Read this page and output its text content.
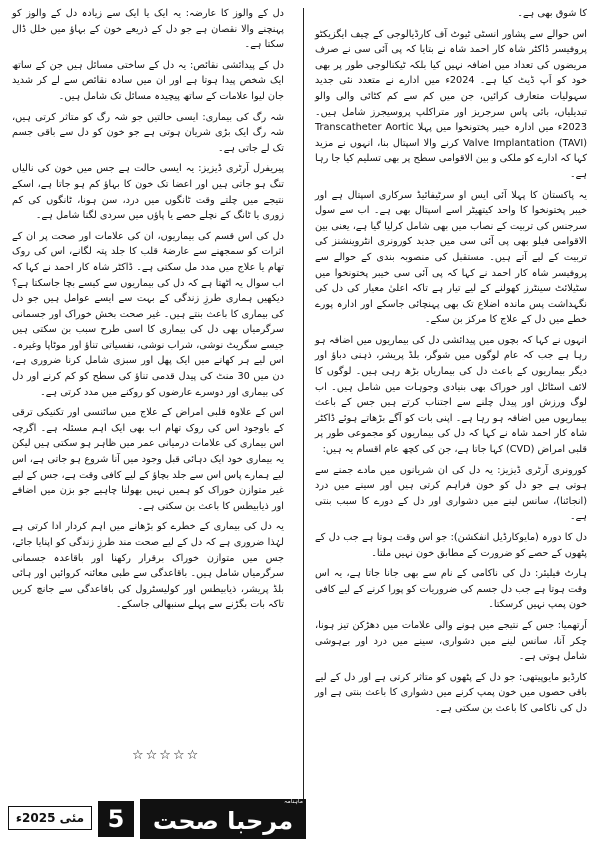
کا شوق بھی ہے۔

اس حوالے سے پشاور انسٹی ٹیوٹ آف کارڈیالوجی کے چیف ایگزیکٹو پروفیسر ڈاکٹر شاہ کار احمد شاہ نے بتایا کہ پی آئی سی نے صرف مریضوں کی تعداد میں اضافہ نہیں کیا بلکہ ٹیکنالوجی طور پر بھی خود کو اَپ ڈیٹ کیا ہے۔ 2024ء میں ادارے نے متعدد نئی جدید سہولیات متعارف کرائیں، جن میں کم سے کم کٹائی والی والو تبدیلیاں، بائی پاس سرجریز اور متراکلپ پروسیجرز شامل ہیں۔ 2023ء میں ادارہ خیبر پختونخوا میں پہلا Transcatheter Aortic Valve Implantation (TAVI) کرنے والا اسپتال بنا، انہوں نے مزید کہا کہ ادارے کو ملکی و بین الاقوامی سطح پر بھی تسلیم کیا جا رہا ہے۔

یہ پاکستان کا پہلا آئی ایس او سرٹیفائیڈ سرکاری اسپتال ہے اور خیبر پختونخوا کا واحد کیتھیٹر اسے اسپتال بھی ہے۔ اب سے سول سرجنس کی تربیت کے نصاب میں بھی شامل کرلیا گیا ہے، یعنی بین الاقوامی فیلو بھی پی آئی سی میں جدید کورونری انٹروینشنز کی تربیت کے لیے آتے ہیں۔ مستقبل کی منصوبہ بندی کے حوالے سے پروفیسر شاہ کار احمد نے کہا کہ پی آئی سی خیبر پختونخوا میں سٹیلائٹ سینٹرز کھولنے کے لیے تیار ہے تاکہ اعلیٰ معیار کی دل کی نگہداشت پس ماندہ اضلاع تک بھی پہنچائی جاسکے اور ادارہ پورے خطے میں دل کے علاج کا مرکز بن سکے۔

انہوں نے کہا کہ بچوں میں پیدائشی دل کی بیماریوں میں اضافہ ہو رہا ہے جب کہ عام لوگوں میں شوگر، بلڈ پریشر، ذہنی دباؤ اور دیگر بیماریوں کے باعث دل کی بیماریاں بڑھ رہی ہیں۔ لوگوں کا لائف اسٹائل اور خوراک بھی بنیادی وجوہات میں شامل ہیں۔ اب لوگ ورزش اور پیدل چلنے سے اجتناب کرتے ہیں جس کے باعث بیماریوں میں اضافہ ہو رہا ہے۔ اپنی بات کو آگے بڑھاتے ہوئے ڈاکٹر شاہ کار احمد شاہ نے کہا کہ دل کی بیماریوں کو مجموعی طور پر قلبی امراض (CVD) کہا جاتا ہے، جن کی کچھ عام اقسام یہ ہیں:

کورونری آرٹری ڈیزیز: یہ دل کی ان شریانوں میں مادے جمنے سے ہوتی ہے جو دل کو خون فراہم کرتی ہیں اور سینے میں درد (انجائنا)، سانس لینے میں دشواری اور دل کے دورے کا سبب بنتی ہے۔

دل کا دورہ (مایوکارڈیل انفکشن): جو اس وقت ہوتا ہے جب دل کے پٹھوں کے حصے کو ضرورت کے مطابق خون نہیں ملتا۔

ہارٹ فیلیئر: دل کی ناکامی کے نام سے بھی جانا جاتا ہے، یہ اس وقت ہوتا ہے جب دل جسم کی ضروریات کو پورا کرنے کے لیے کافی خون پمپ نہیں کرسکتا۔

اَرتھمیا: جس کے نتیجے میں ہونے والی علامات میں دھڑکن تیز ہونا، چکر آنا، سانس لینے میں دشواری، سینے میں درد اور بےہوشی شامل ہوتی ہے۔

کارڈیو مایوپیتھی: جو دل کے پٹھوں کو متاثر کرتی ہے اور دل کے لیے باقی حصوں میں خون پمپ کرنے میں دشواری کا باعث بنتی ہے اور دل کی ناکامی کا باعث بن سکتی ہے۔

دل کے والوز کا عارضہ: یہ ایک یا ایک سے زیادہ دل کے والوز کو پہنچنے والا نقصان ہے جو دل کے ذریعے خون کے بہاؤ میں خلل ڈال سکتا ہے۔

دل کے پیدائشی نقائص: یہ دل کے ساختی مسائل ہیں جن کے ساتھ ایک شخص پیدا ہوتا ہے اور ان میں سادہ نقائص سے لے کر شدید جان لیوا علامات کے ساتھ پیچیدہ مسائل تک شامل ہیں۔

شہ رگ کی بیماری: ایسی حالتیں جو شہ رگ کو متاثر کرتی ہیں، شہ رگ ایک بڑی شریان ہوتی ہے جو خون کو دل سے باقی جسم تک لے جاتی ہے۔

پیریفرل آرٹری ڈیزیز: یہ ایسی حالت ہے جس میں خون کی نالیاں تنگ ہو جاتی ہیں اور اعضا تک خون کا بہاؤ کم ہو جاتا ہے، اسکے نتیجے میں چلتے وقت ٹانگوں میں درد، سن ہونا، ٹانگوں کی کم زوری یا ٹانگ کے نچلے حصے یا پاؤں میں سردی لگنا شامل ہے۔

دل کی اس قسم کی بیماریوں، ان کی علامات اور صحت پر ان کے اثرات کو سمجھنے سے عارضۂ قلب کا جلد پتہ لگانے، اس کی روک تھام یا علاج میں مدد مل سکتی ہے۔ ڈاکٹر شاہ کار احمد نے کہا کہ اب سوال یہ اٹھتا ہے کہ دل کی بیماریوں سے کیسے بچا جاسکتا ہے؟ دیکھیں ہماری طرزِ زندگی کے بہت سے ایسے عوامل ہیں جو دل کی بیماری کا باعث بنتے ہیں۔ غیر صحت بخش خوراک اور جسمانی سرگرمیاں بھی دل کی بیماری کا اسی طرح سبب بن سکتی ہیں جیسے سگریٹ نوشی، شراب نوشی، نفسیاتی تناؤ اور موٹاپا وغیرہ۔ اس لیے ہر کھانے میں ایک پھل اور سبزی شامل کرنا ضروری ہے، دن میں 30 منٹ کی پیدل قدمی تناؤ کی سطح کو کم کرنے اور دل کی بیماری اور دوسرے عارضوں کو روکنے میں مدد کرتی ہے۔

اس کے علاوہ قلبی امراض کے علاج میں سائنسی اور تکنیکی ترقی کے باوجود اس کی روک تھام اب بھی ایک اہم مسئلہ ہے۔ اگرچہ اس بیماری کی علامات درمیانی عمر میں ظاہر ہو سکتی ہیں لیکن یہ بیماری خود ایک دہائی قبل وجود میں آنا شروع ہو جاتی ہے، اس لیے ہمارے پاس اس سے جلد بچاؤ کے لیے کافی وقت ہے، جس کے لیے غیر متوازن خوراک کو ہمیں نہیں بھولنا چاہیے جو بزن میں اضافے اور ذیابیطس کا باعث بن سکتی ہے۔

یہ دل کی بیماری کے خطرے کو بڑھانے میں اہم کردار ادا کرتی ہے لہٰذا ضروری ہے کہ دل کے لیے صحت مند طرزِ زندگی کو اپنایا جائے، جس میں متوازن خوراک برقرار رکھنا اور باقاعدہ جسمانی سرگرمیاں شامل ہیں۔ باقاعدگی سے طبی معائنہ کروائیں اور ہائی بلڈ پریشر، ذیابیطس اور کولیسٹرول کی باقاعدگی سے جانچ کریں تاکہ بات بگڑنے سے پہلے سنبھالی جاسکے۔

☆☆☆☆☆
مئی 2025ء 5	مرحبا صحت
www.marhabasehat.com
ماہنامہ
